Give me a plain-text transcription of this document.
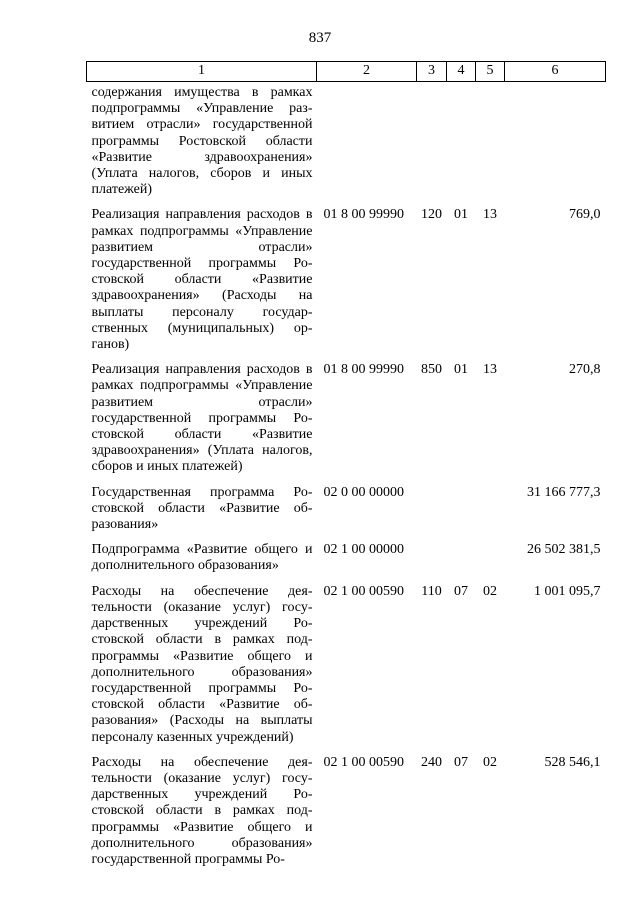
837
1	2	3	4	5	6
содержания имущества в рамках подпрограммы «Управление развитием отрасли» государственной программы Ростовской области «Развитие здравоохранения» (Уплата налогов, сборов и иных платежей)					
Реализация направления расходов в рамках подпрограммы «Управление развитием отрасли» государственной программы Ростовской области «Развитие здравоохранения» (Расходы на выплаты персоналу государственных (муниципальных) органов)	01 8 00 99990	120	01	13	769,0
Реализация направления расходов в рамках подпрограммы «Управление развитием отрасли» государственной программы Ростовской области «Развитие здравоохранения» (Уплата налогов, сборов и иных платежей)	01 8 00 99990	850	01	13	270,8
Государственная программа Ростовской области «Развитие образования»	02 0 00 00000				31 166 777,3
Подпрограмма «Развитие общего и дополнительного образования»	02 1 00 00000				26 502 381,5
Расходы на обеспечение деятельности (оказание услуг) государственных учреждений Ростовской области в рамках подпрограммы «Развитие общего и дополнительного образования» государственной программы Ростовской области «Развитие образования» (Расходы на выплаты персоналу казенных учреждений)	02 1 00 00590	110	07	02	1 001 095,7
Расходы на обеспечение деятельности (оказание услуг) государственных учреждений Ростовской области в рамках подпрограммы «Развитие общего и дополнительного образования» государственной программы Ро-	02 1 00 00590	240	07	02	528 546,1
